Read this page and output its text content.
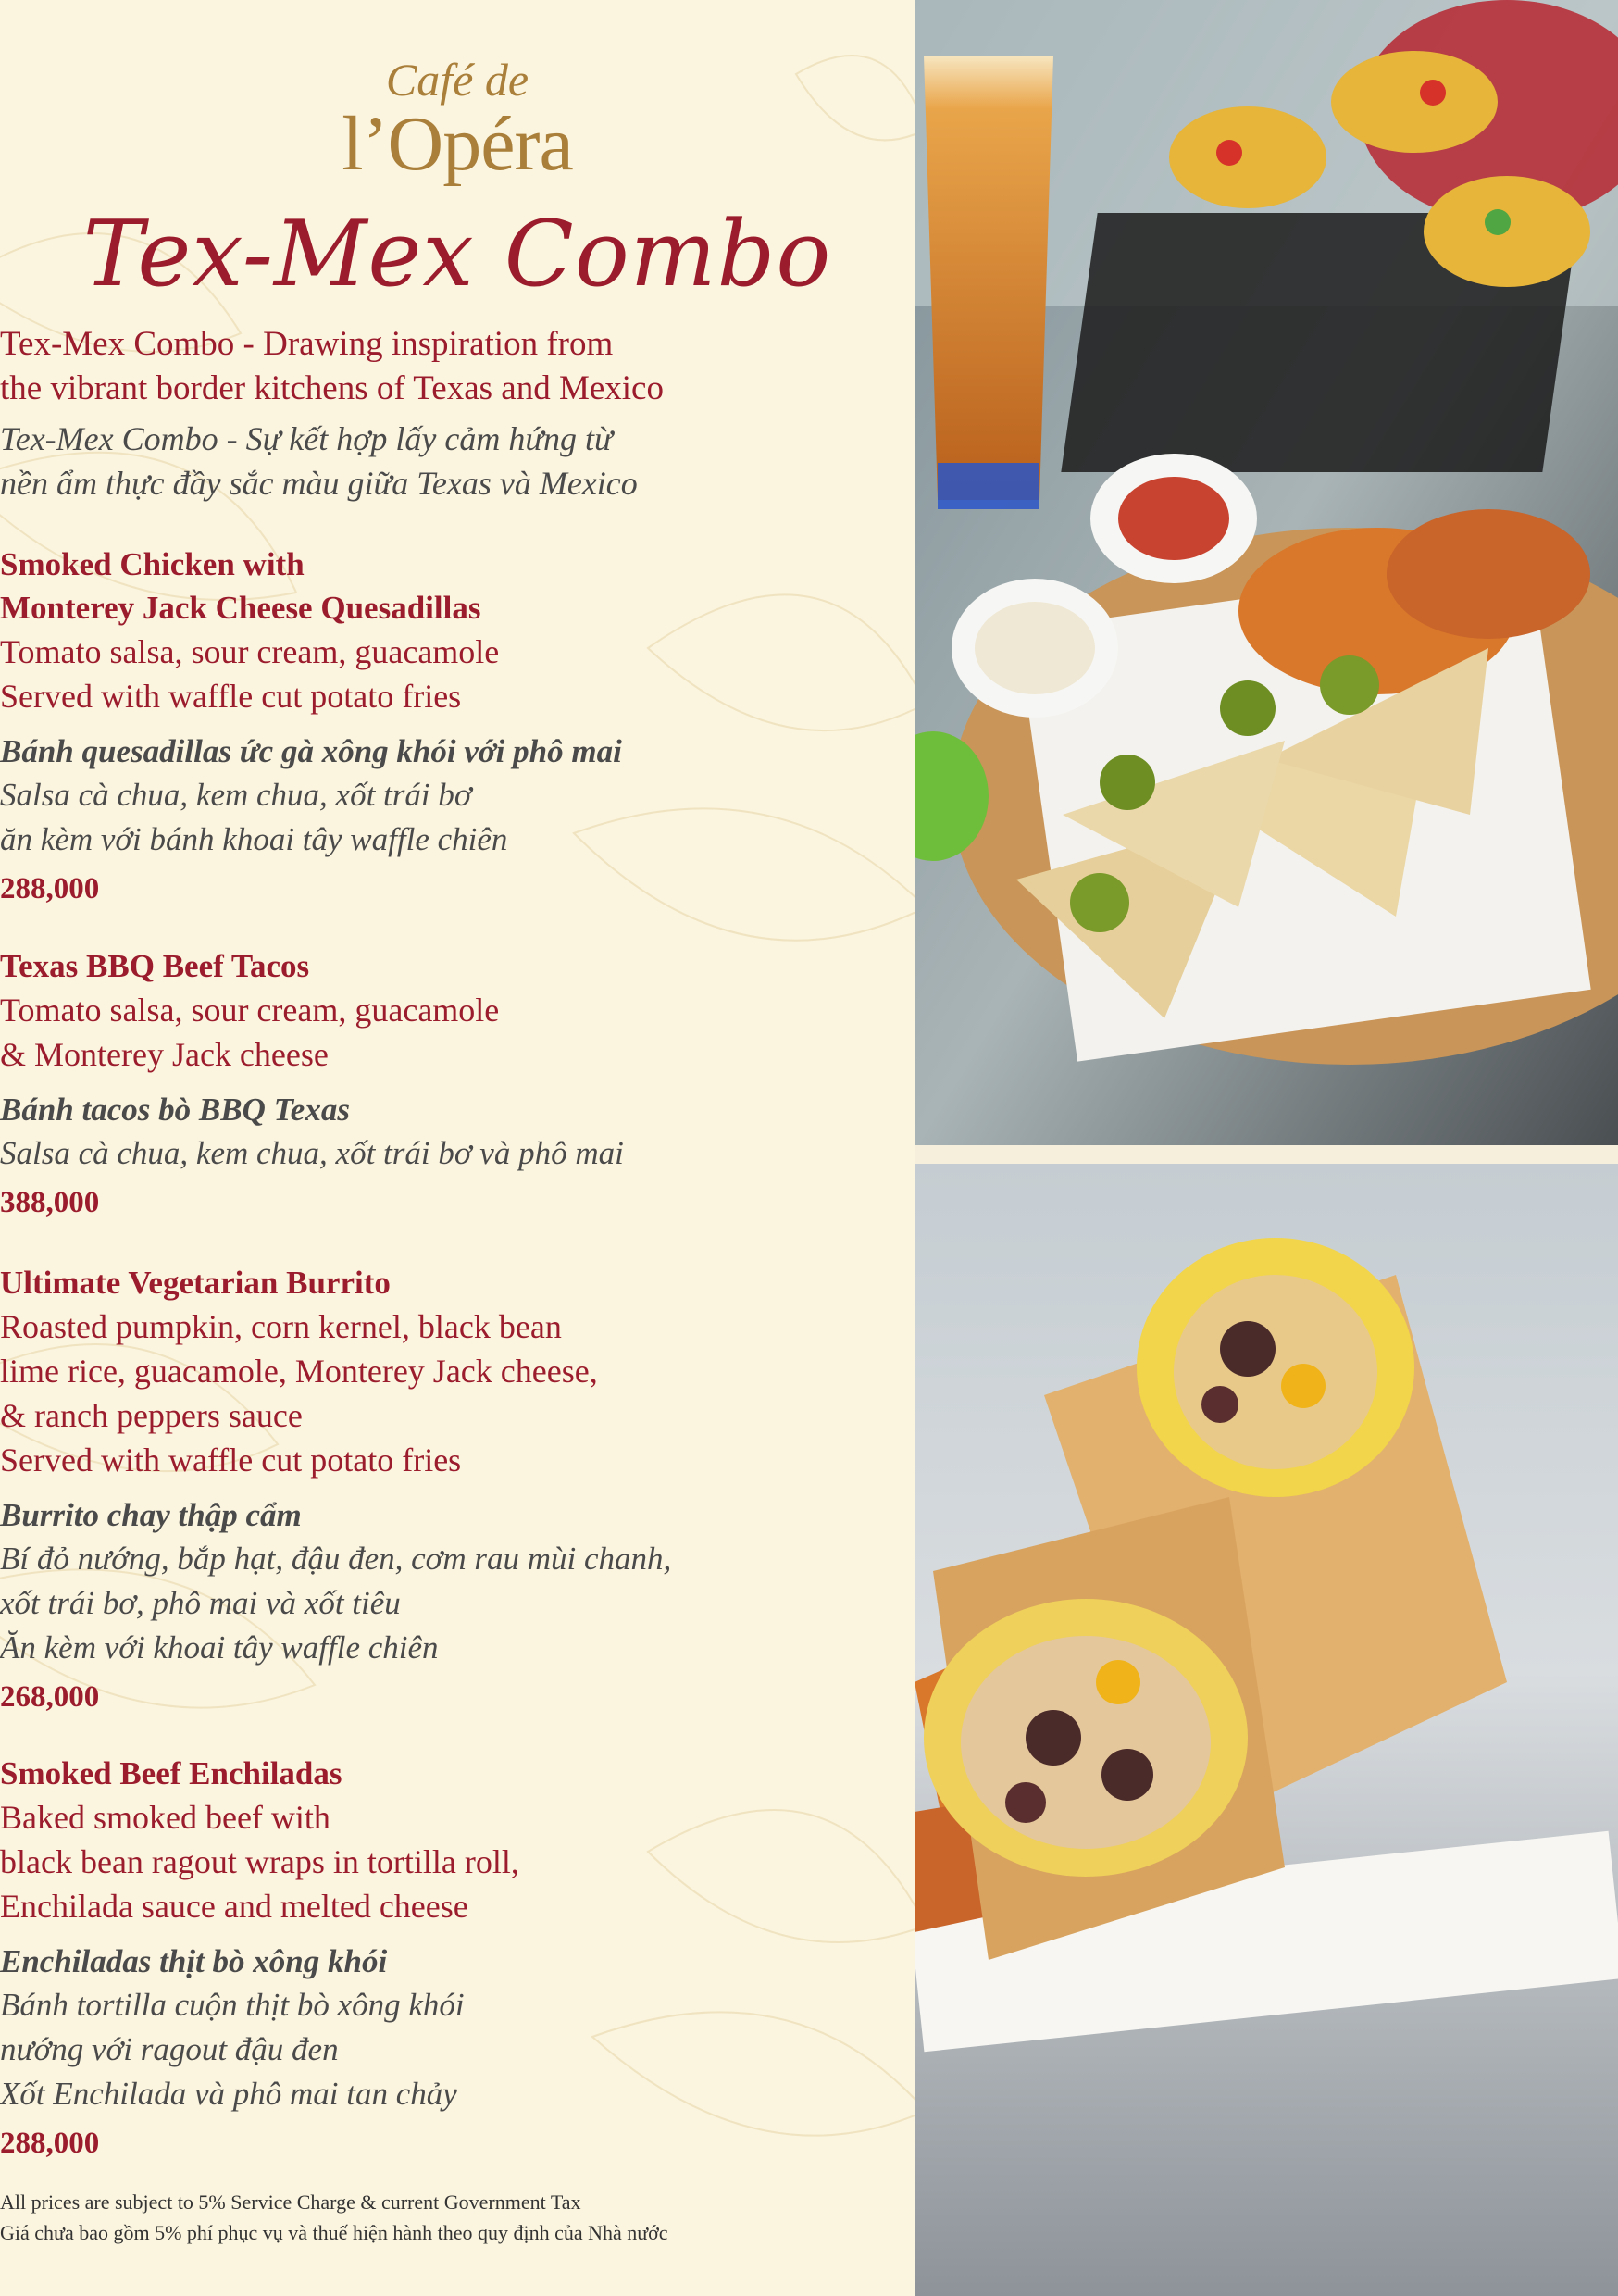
Café de
l’Opéra
Tex-Mex Combo
Tex-Mex Combo - Drawing inspiration from
the vibrant border kitchens of Texas and Mexico
Tex-Mex Combo - Sự kết hợp lấy cảm hứng từ
nền ẩm thực đầy sắc màu giữa Texas và Mexico
Smoked Chicken with
Monterey Jack Cheese Quesadillas
Tomato salsa, sour cream, guacamole
Served with waffle cut potato fries
Bánh quesadillas ức gà xông khói với phô mai
Salsa cà chua, kem chua, xốt trái bơ
ăn kèm với bánh khoai tây waffle chiên
288,000
Texas BBQ Beef Tacos
Tomato salsa, sour cream, guacamole
& Monterey Jack cheese
Bánh tacos bò BBQ Texas
Salsa cà chua, kem chua, xốt trái bơ và phô mai
388,000
Ultimate Vegetarian Burrito
Roasted pumpkin, corn kernel, black bean
lime rice, guacamole, Monterey Jack cheese,
& ranch peppers sauce
Served with waffle cut potato fries
Burrito chay thập cẩm
Bí đỏ nướng, bắp hạt, đậu đen, cơm rau mùi chanh,
xốt trái bơ, phô mai và xốt tiêu
Ăn kèm với khoai tây waffle chiên
268,000
Smoked Beef Enchiladas
Baked smoked beef with
black bean ragout wraps in tortilla roll,
Enchilada sauce and melted cheese
Enchiladas thịt bò xông khói
Bánh tortilla cuộn thịt bò xông khói
nướng với ragout đậu đen
Xốt Enchilada và phô mai tan chảy
288,000
All prices are subject to 5% Service Charge & current Government Tax
Giá chưa bao gồm 5% phí phục vụ và thuế hiện hành theo quy định của Nhà nước
